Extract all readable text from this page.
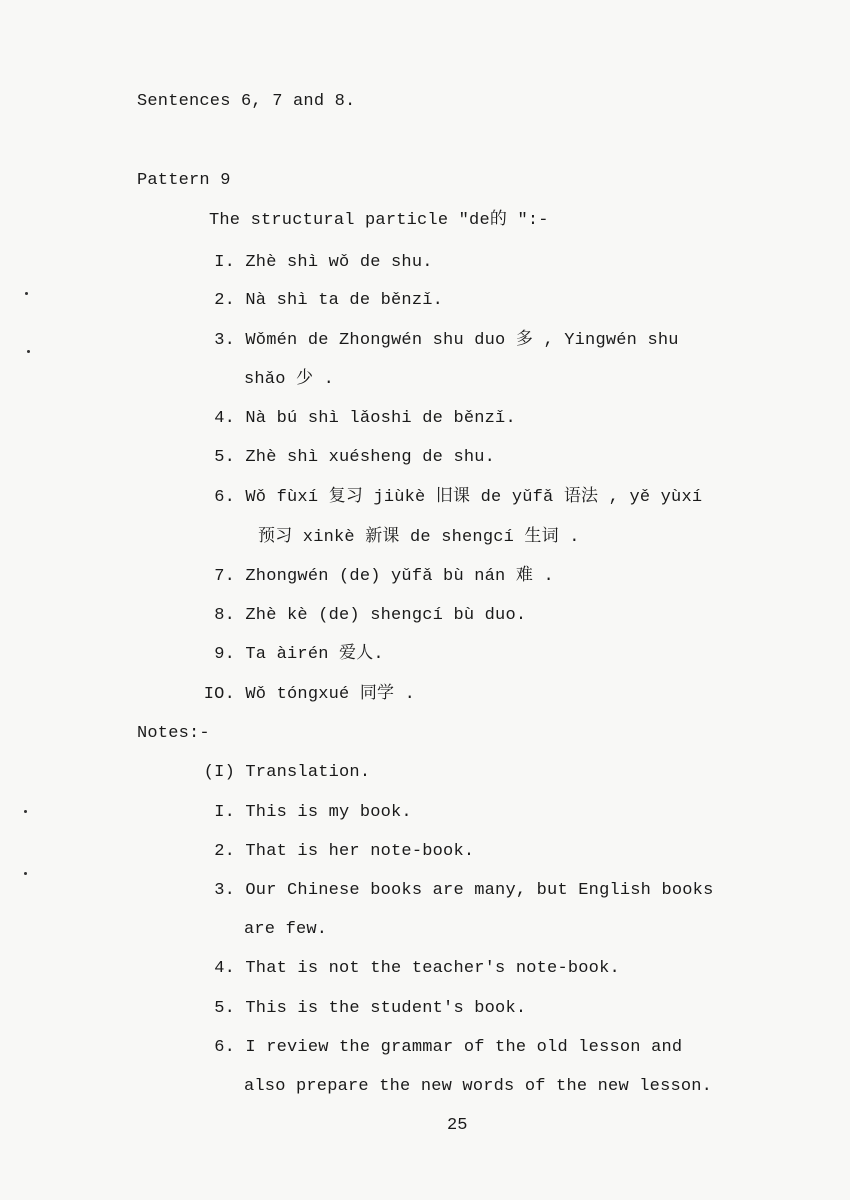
Sentences 6, 7 and 8.
Pattern 9
The structural particle "de的 ":-
I. Zhè shì wǒ de shu.
2. Nà shì ta de běnzǐ.
3. Wǒmén de Zhongwén shu duo 多 , Yingwén shu
shǎo 少 .
4. Nà bú shì lǎoshi de běnzǐ.
5. Zhè shì xuésheng de shu.
6. Wǒ fùxí 复习 jiùkè 旧课 de yǔfǎ 语法 , yě yùxí
预习 xinkè 新课 de shengcí 生词 .
7. Zhongwén (de) yǔfǎ bù nán 难 .
8. Zhè kè (de) shengcí bù duo.
9. Ta àirén 爱人.
IO. Wǒ tóngxué 同学 .
Notes:-
(I) Translation.
I. This is my book.
2. That is her note-book.
3. Our Chinese books are many, but English books
are few.
4. That is not the teacher's note-book.
5. This is the student's book.
6. I review the grammar of the old lesson and
also prepare the new words of the new lesson.
25
